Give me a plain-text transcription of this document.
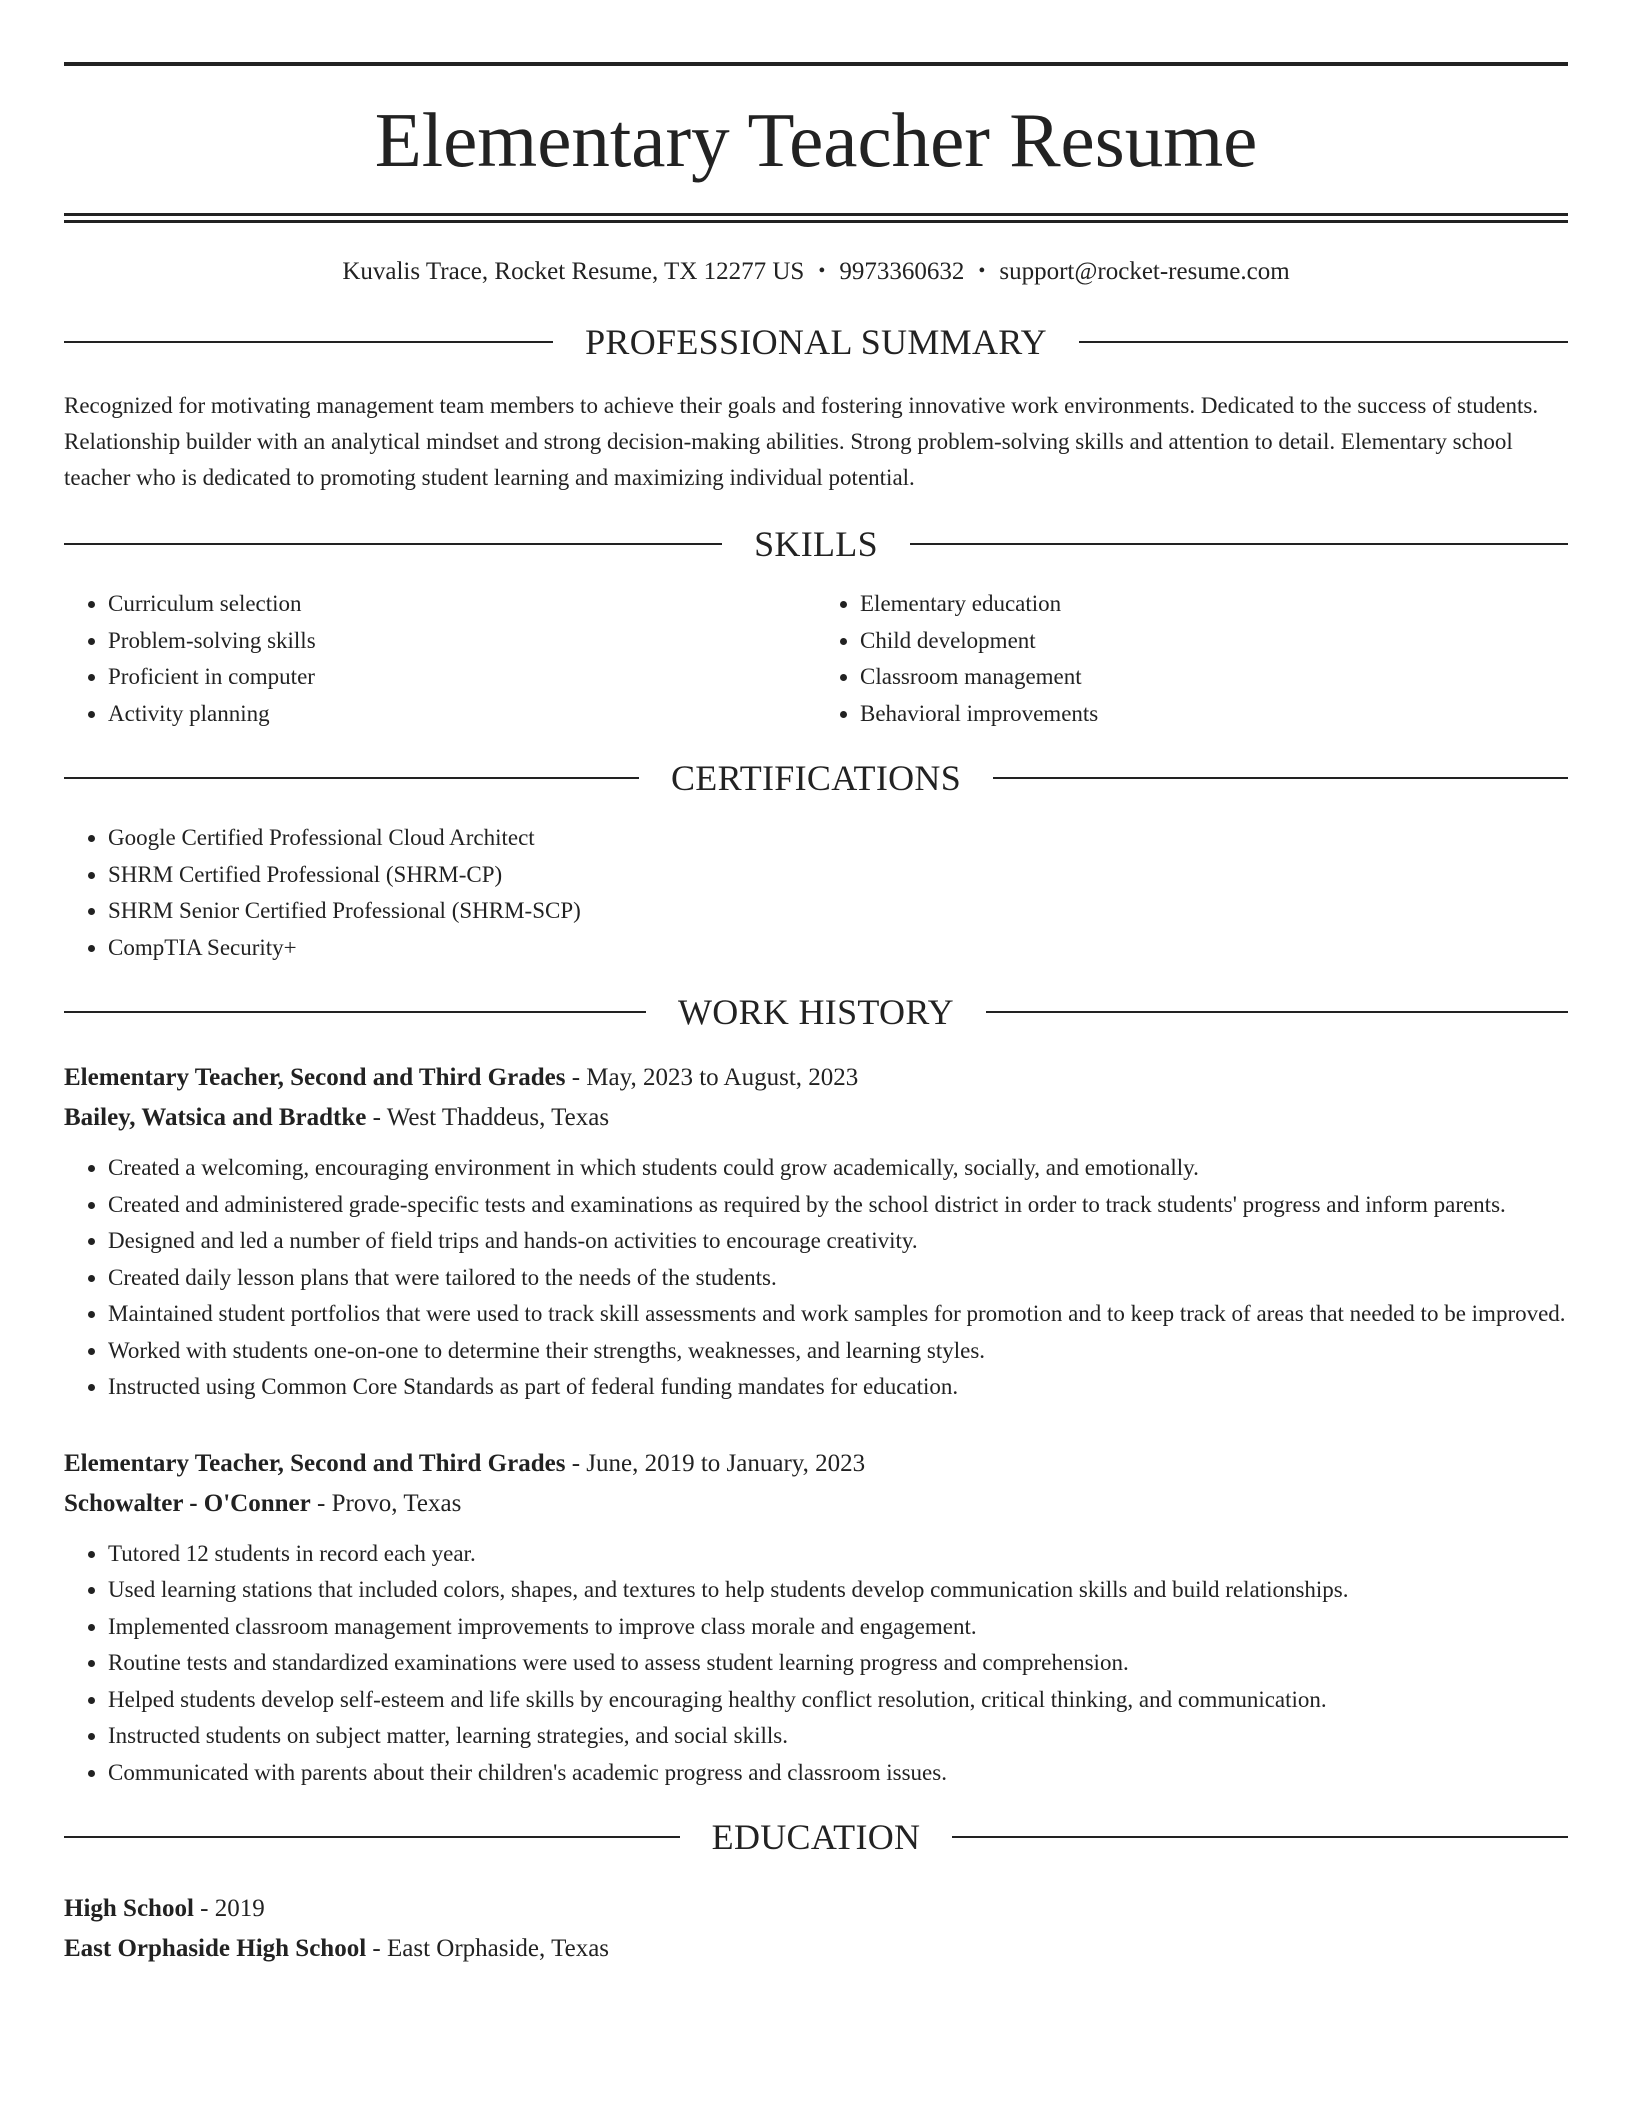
Elementary Teacher Resume
Kuvalis Trace, Rocket Resume, TX 12277 US • 9973360632 • support@rocket-resume.com
PROFESSIONAL SUMMARY
Recognized for motivating management team members to achieve their goals and fostering innovative work environments. Dedicated to the success of students. Relationship builder with an analytical mindset and strong decision-making abilities. Strong problem-solving skills and attention to detail. Elementary school teacher who is dedicated to promoting student learning and maximizing individual potential.
SKILLS
• Curriculum selection
• Problem-solving skills
• Proficient in computer
• Activity planning
• Elementary education
• Child development
• Classroom management
• Behavioral improvements
CERTIFICATIONS
• Google Certified Professional Cloud Architect
• SHRM Certified Professional (SHRM-CP)
• SHRM Senior Certified Professional (SHRM-SCP)
• CompTIA Security+
WORK HISTORY
Elementary Teacher, Second and Third Grades - May, 2023 to August, 2023
Bailey, Watsica and Bradtke - West Thaddeus, Texas
• Created a welcoming, encouraging environment in which students could grow academically, socially, and emotionally.
• Created and administered grade-specific tests and examinations as required by the school district in order to track students' progress and inform parents.
• Designed and led a number of field trips and hands-on activities to encourage creativity.
• Created daily lesson plans that were tailored to the needs of the students.
• Maintained student portfolios that were used to track skill assessments and work samples for promotion and to keep track of areas that needed to be improved.
• Worked with students one-on-one to determine their strengths, weaknesses, and learning styles.
• Instructed using Common Core Standards as part of federal funding mandates for education.
Elementary Teacher, Second and Third Grades - June, 2019 to January, 2023
Schowalter - O'Conner - Provo, Texas
• Tutored 12 students in record each year.
• Used learning stations that included colors, shapes, and textures to help students develop communication skills and build relationships.
• Implemented classroom management improvements to improve class morale and engagement.
• Routine tests and standardized examinations were used to assess student learning progress and comprehension.
• Helped students develop self-esteem and life skills by encouraging healthy conflict resolution, critical thinking, and communication.
• Instructed students on subject matter, learning strategies, and social skills.
• Communicated with parents about their children's academic progress and classroom issues.
EDUCATION
High School - 2019
East Orphaside High School - East Orphaside, Texas
